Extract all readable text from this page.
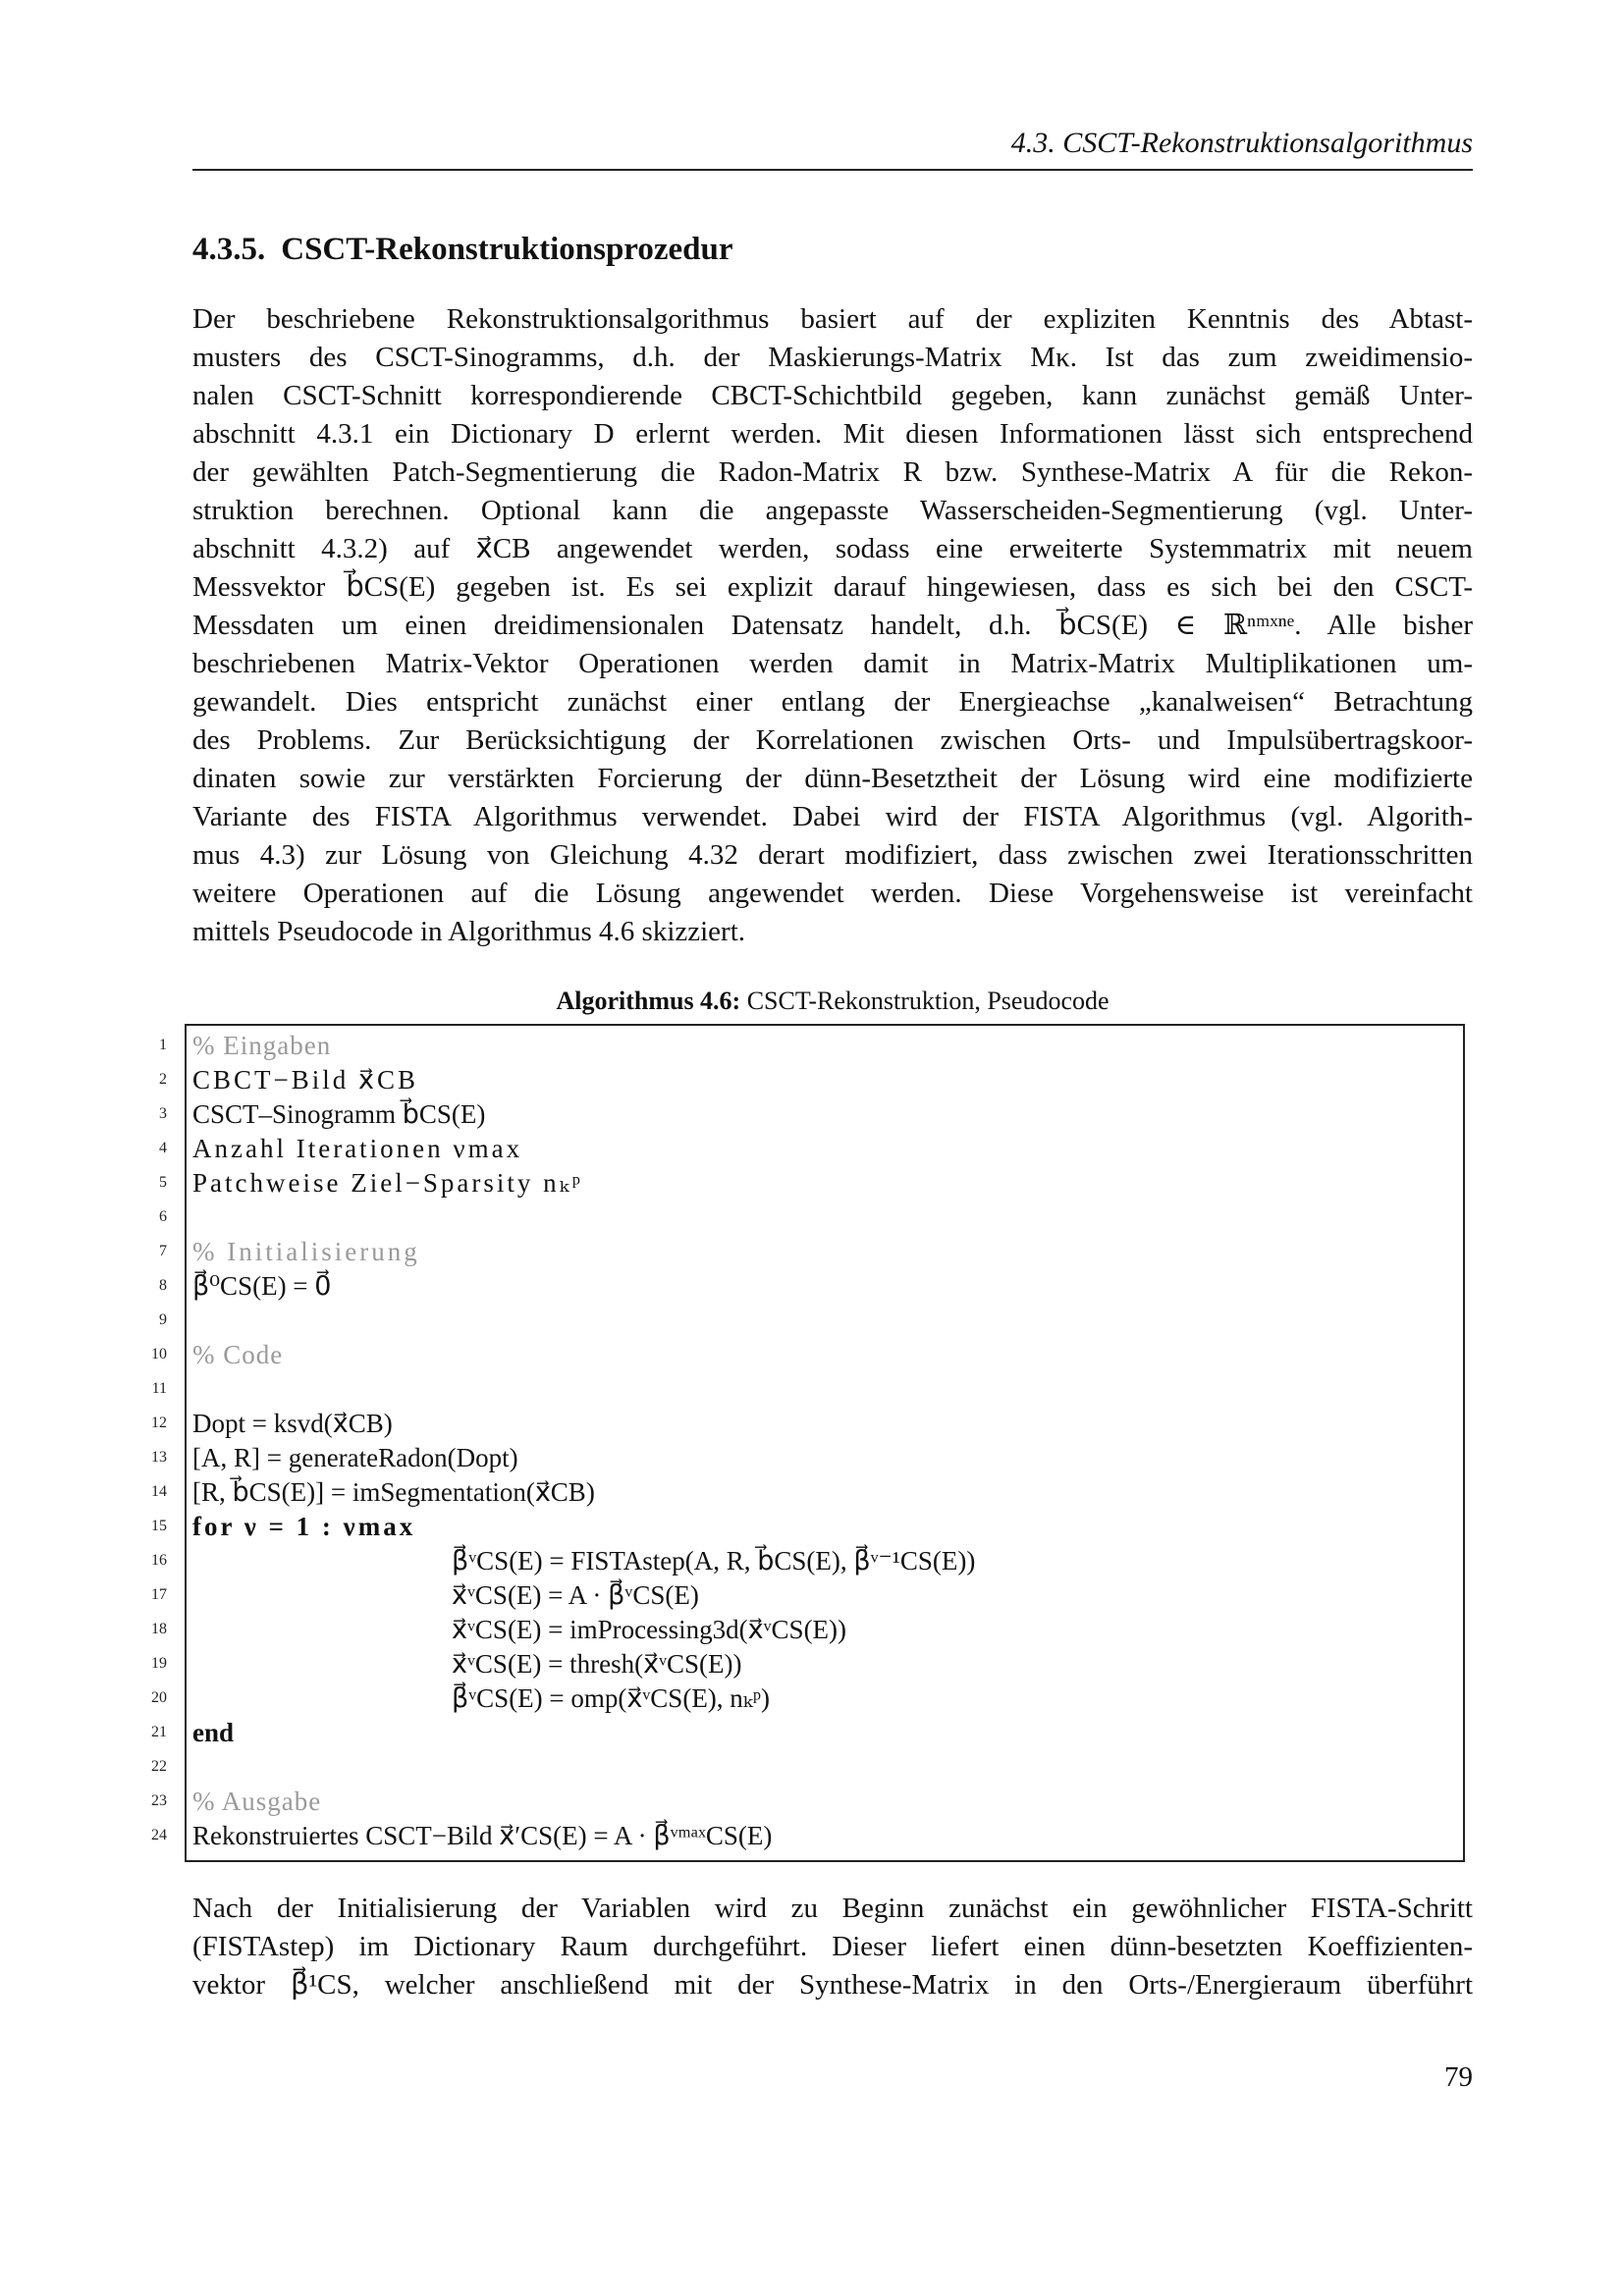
4.3. CSCT-Rekonstruktionsalgorithmus
4.3.5. CSCT-Rekonstruktionsprozedur
Der beschriebene Rekonstruktionsalgorithmus basiert auf der expliziten Kenntnis des Abtast-
musters des CSCT-Sinogramms, d.h. der Maskierungs-Matrix Mκ. Ist das zum zweidimensio-
nalen CSCT-Schnitt korrespondierende CBCT-Schichtbild gegeben, kann zunächst gemäß Unter-
abschnitt 4.3.1 ein Dictionary D erlernt werden. Mit diesen Informationen lässt sich entsprechend
der gewählten Patch-Segmentierung die Radon-Matrix R bzw. Synthese-Matrix A für die Rekon-
struktion berechnen. Optional kann die angepasste Wasserscheiden-Segmentierung (vgl. Unter-
abschnitt 4.3.2) auf x⃗CB angewendet werden, sodass eine erweiterte Systemmatrix mit neuem
Messvektor b⃗CS(E) gegeben ist. Es sei explizit darauf hingewiesen, dass es sich bei den CSCT-
Messdaten um einen dreidimensionalen Datensatz handelt, d.h. b⃗CS(E) ∈ ℝⁿᵐˣⁿᵉ. Alle bisher
beschriebenen Matrix-Vektor Operationen werden damit in Matrix-Matrix Multiplikationen um-
gewandelt. Dies entspricht zunächst einer entlang der Energieachse „kanalweisen“ Betrachtung
des Problems. Zur Berücksichtigung der Korrelationen zwischen Orts- und Impulsübertragskoor-
dinaten sowie zur verstärkten Forcierung der dünn-Besetztheit der Lösung wird eine modifizierte
Variante des FISTA Algorithmus verwendet. Dabei wird der FISTA Algorithmus (vgl. Algorith-
mus 4.3) zur Lösung von Gleichung 4.32 derart modifiziert, dass zwischen zwei Iterationsschritten
weitere Operationen auf die Lösung angewendet werden. Diese Vorgehensweise ist vereinfacht
mittels Pseudocode in Algorithmus 4.6 skizziert.
Algorithmus 4.6: CSCT-Rekonstruktion, Pseudocode
1 % Eingaben
2 CBCT−Bild x⃗CB
3 CSCT–Sinogramm b⃗CS(E)
4 Anzahl Iterationen νmax
5 Patchweise Ziel−Sparsity nₖᵖ
6
7 % Initialisierung
8 β⃗⁰CS(E) = 0⃗
9
10 % Code
11
12 Dopt = ksvd(x⃗CB)
13 [A, R] = generateRadon(Dopt)
14 [R, b⃗CS(E)] = imSegmentation(x⃗CB)
15 for ν = 1 : νmax
16	β⃗ᵛCS(E) = FISTAstep(A, R, b⃗CS(E), β⃗ᵛ⁻¹CS(E))
17	x⃗ᵛCS(E) = A · β⃗ᵛCS(E)
18	x⃗ᵛCS(E) = imProcessing3d(x⃗ᵛCS(E))
19	x⃗ᵛCS(E) = thresh(x⃗ᵛCS(E))
20	β⃗ᵛCS(E) = omp(x⃗ᵛCS(E), nₖᵖ)
21 end
22
23 % Ausgabe
24 Rekonstruiertes CSCT−Bild x⃗′CS(E) = A · β⃗ᵛᵐᵃˣCS(E)
Nach der Initialisierung der Variablen wird zu Beginn zunächst ein gewöhnlicher FISTA-Schritt
(FISTAstep) im Dictionary Raum durchgeführt. Dieser liefert einen dünn-besetzten Koeffizienten-
vektor β⃗¹CS, welcher anschließend mit der Synthese-Matrix in den Orts-/Energieraum überführt
79
